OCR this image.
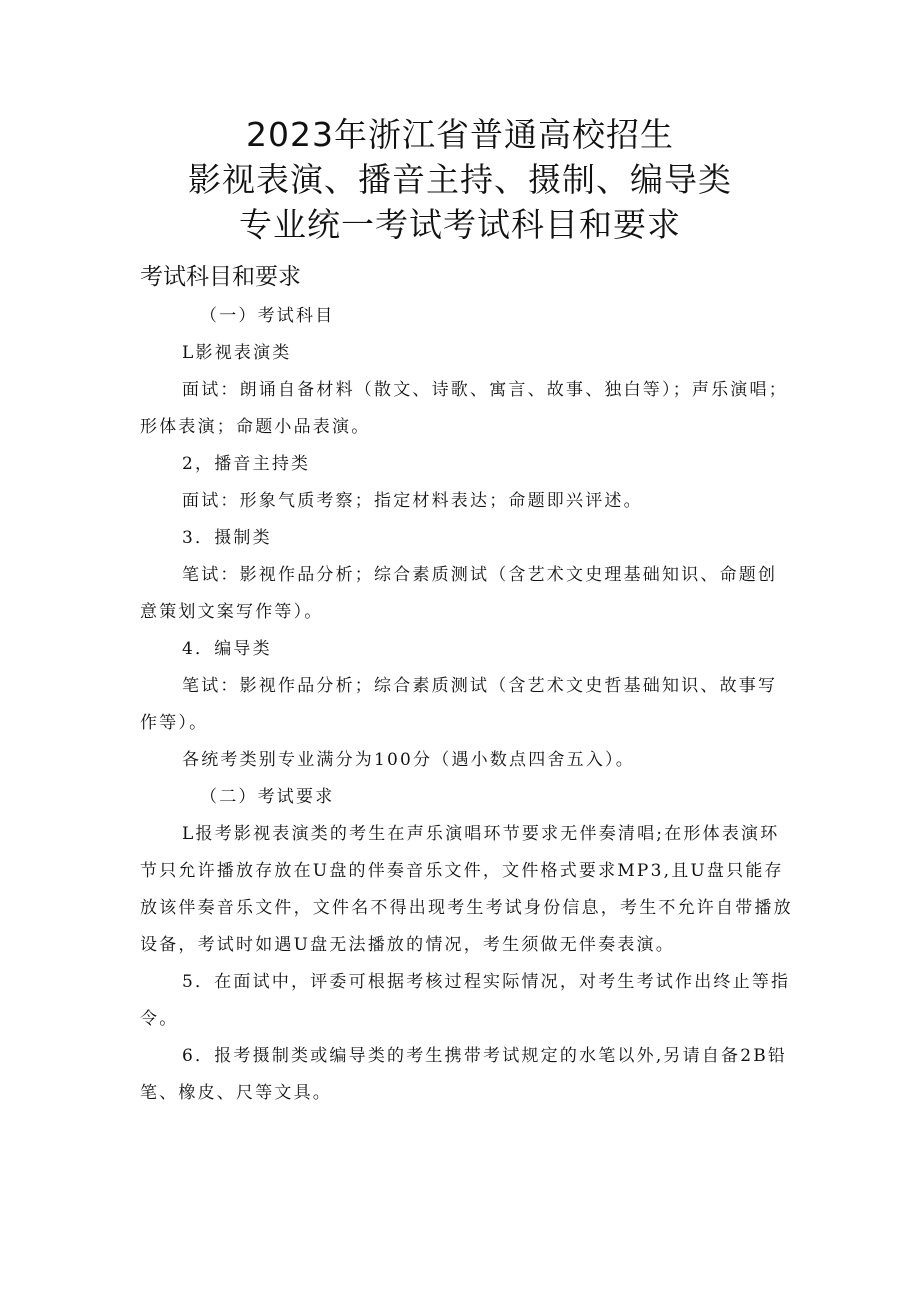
2023年浙江省普通高校招生

影视表演、播音主持、摄制、编导类

专业统一考试考试科目和要求

考试科目和要求

（一）考试科目

L影视表演类

面试：朗诵自备材料（散文、诗歌、寓言、故事、独白等）；声乐演唱；形体表演；命题小品表演。

2，播音主持类

面试：形象气质考察；指定材料表达；命题即兴评述。

3．摄制类

笔试：影视作品分析；综合素质测试（含艺术文史理基础知识、命题创意策划文案写作等）。

4．编导类

笔试：影视作品分析；综合素质测试（含艺术文史哲基础知识、故事写作等）。

各统考类别专业满分为100分（遇小数点四舍五入）。

（二）考试要求

L报考影视表演类的考生在声乐演唱环节要求无伴奏清唱;在形体表演环节只允许播放存放在U盘的伴奏音乐文件，文件格式要求MP3,且U盘只能存放该伴奏音乐文件，文件名不得出现考生考试身份信息，考生不允许自带播放设备，考试时如遇U盘无法播放的情况，考生须做无伴奏表演。

5．在面试中，评委可根据考核过程实际情况，对考生考试作出终止等指令。

6．报考摄制类或编导类的考生携带考试规定的水笔以外,另请自备2B铅笔、橡皮、尺等文具。
